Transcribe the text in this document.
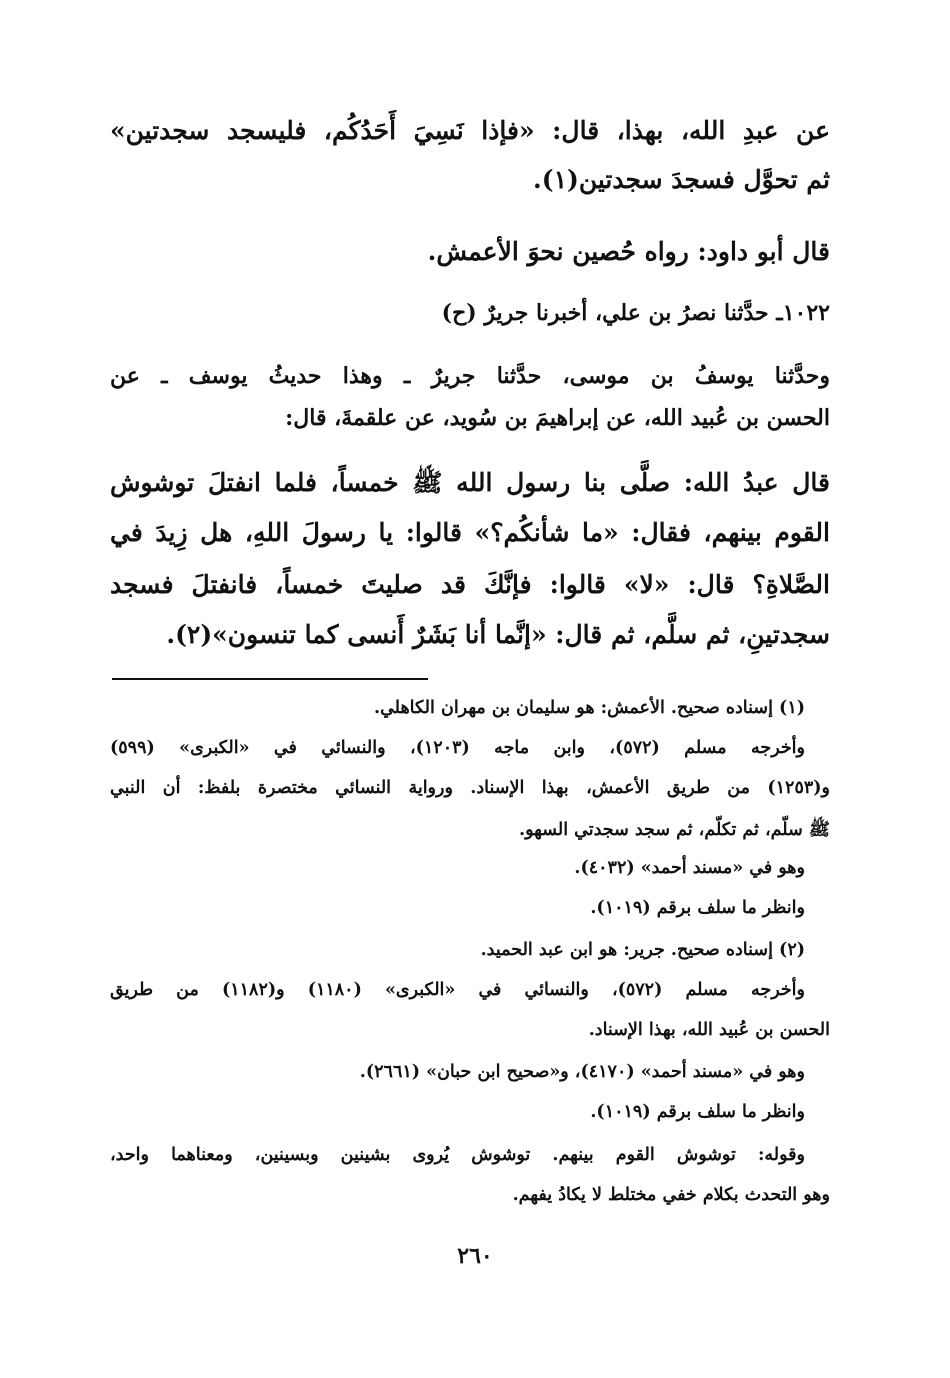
عن عبدِ الله، بهذا، قال: «فإذا نَسِيَ أَحَدُكُم، فليسجد سجدتين»
ثم تحوَّل فسجدَ سجدتين(١).
قال أبو داود: رواه حُصين نحوَ الأعمش.
١٠٢٢ـ حدَّثنا نصرُ بن علي، أخبرنا جريرٌ (ح)
وحدَّثنا يوسفُ بن موسى، حدَّثنا جريرٌ ـ وهذا حديثُ يوسف ـ عن
الحسن بن عُبيد الله، عن إبراهيمَ بن سُويد، عن علقمةَ، قال:
قال عبدُ الله: صلَّى بنا رسول الله ﷺ خمساً، فلما انفتلَ توشوش
القوم بينهم، فقال: «ما شأنكُم؟» قالوا: يا رسولَ اللهِ، هل زِيدَ في
الصَّلاةِ؟ قال: «لا» قالوا: فإنَّكَ قد صليتَ خمساً، فانفتلَ فسجد
سجدتينِ، ثم سلَّم، ثم قال: «إنَّما أنا بَشَرٌ أَنسى كما تنسون»(٢).
(١) إسناده صحيح. الأعمش: هو سليمان بن مهران الكاهلي.
وأخرجه مسلم (٥٧٢)، وابن ماجه (١٢٠٣)، والنسائي في «الكبرى» (٥٩٩)
و(١٢٥٣) من طريق الأعمش، بهذا الإسناد. ورواية النسائي مختصرة بلفظ: أن النبي
ﷺ سلّم، ثم تكلّم، ثم سجد سجدتي السهو.
وهو في «مسند أحمد» (٤٠٣٢).
وانظر ما سلف برقم (١٠١٩).
(٢) إسناده صحيح. جرير: هو ابن عبد الحميد.
وأخرجه مسلم (٥٧٢)، والنسائي في «الكبرى» (١١٨٠) و(١١٨٢) من طريق
الحسن بن عُبيد الله، بهذا الإسناد.
وهو في «مسند أحمد» (٤١٧٠)، و«صحيح ابن حبان» (٢٦٦١).
وانظر ما سلف برقم (١٠١٩).
وقوله: توشوش القوم بينهم. توشوش يُروى بشينين وبسينين، ومعناهما واحد،
وهو التحدث بكلام خفي مختلط لا يكادُ يفهم.
٢٦٠
